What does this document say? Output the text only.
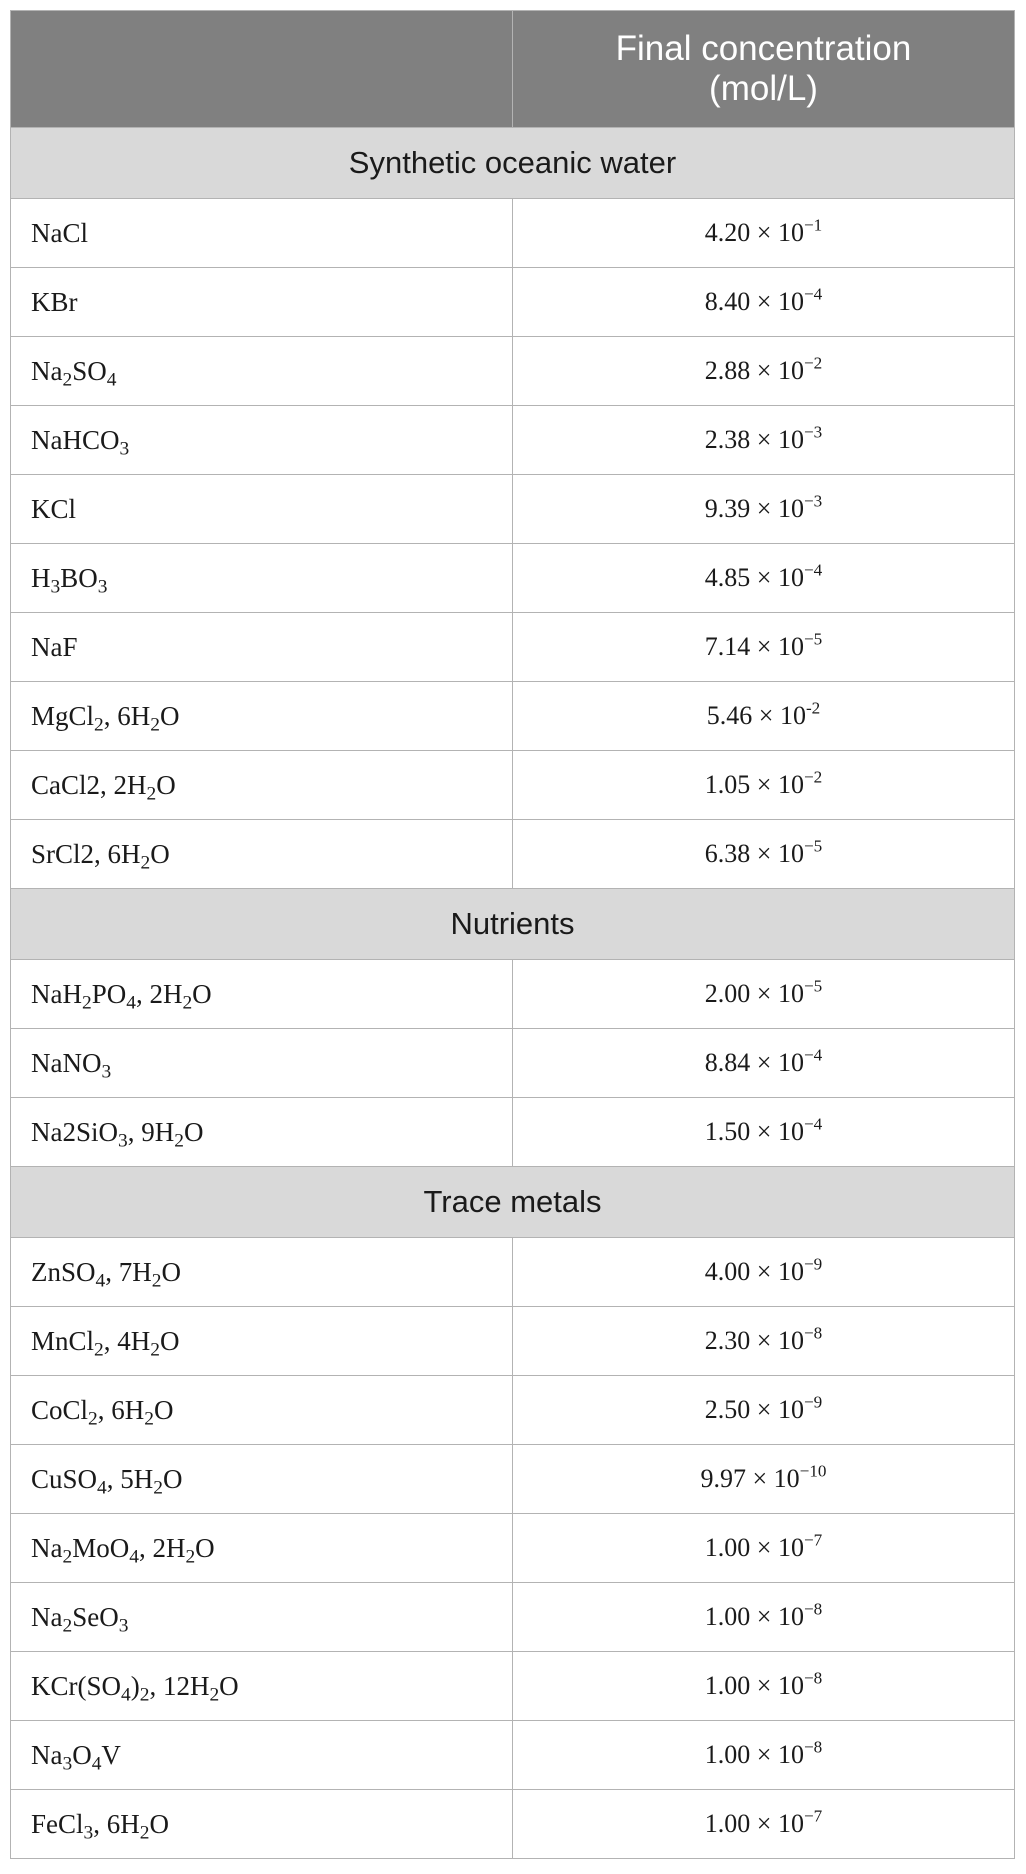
	Final concentration (mol/L)
Synthetic oceanic water	
NaCl	$4.20 \times 10^{-1}$
KBr	$8.40 \times 10^{-4}$
$Na_2SO_4$	$2.88 \times 10^{-2}$
NaHCO$_3$	$2.38 \times 10^{-3}$
KCl	$9.39 \times 10^{-3}$
$H_3BO_3$	$4.85 \times 10^{-4}$
NaF	$7.14 \times 10^{-5}$
MgCl$_2$, $6H_2O$	$5.46 \times 10^{-2}$
CaCl2, $2H_2O$	$1.05 \times 10^{-2}$
SrCl2, $6H_2O$	$6.38 \times 10^{-5}$
Nutrients	
$NaH_2PO_4$, $2H_2O$	$2.00 \times 10^{-5}$
NaNO$_3$	$8.84 \times 10^{-4}$
Na2SiO$_3$, $9H_2O$	$1.50 \times 10^{-4}$
Trace metals	
ZnSO$_4$, $7H_2O$	$4.00 \times 10^{-9}$
MnCl$_2$, $4H_2O$	$2.30 \times 10^{-8}$
CoCl$_2$, $6H_2O$	$2.50 \times 10^{-9}$
CuSO$_4$, $5H_2O$	$9.97 \times 10^{-10}$
$Na_2MoO_4$, $2H_2O$	$1.00 \times 10^{-7}$
$Na_2SeO_3$	$1.00 \times 10^{-8}$
$KCr(SO_4)_2$, $12H_2O$	$1.00 \times 10^{-8}$
$Na_3O_4V$	$1.00 \times 10^{-8}$
FeCl$_3$, $6H_2O$	$1.00 \times 10^{-7}$
